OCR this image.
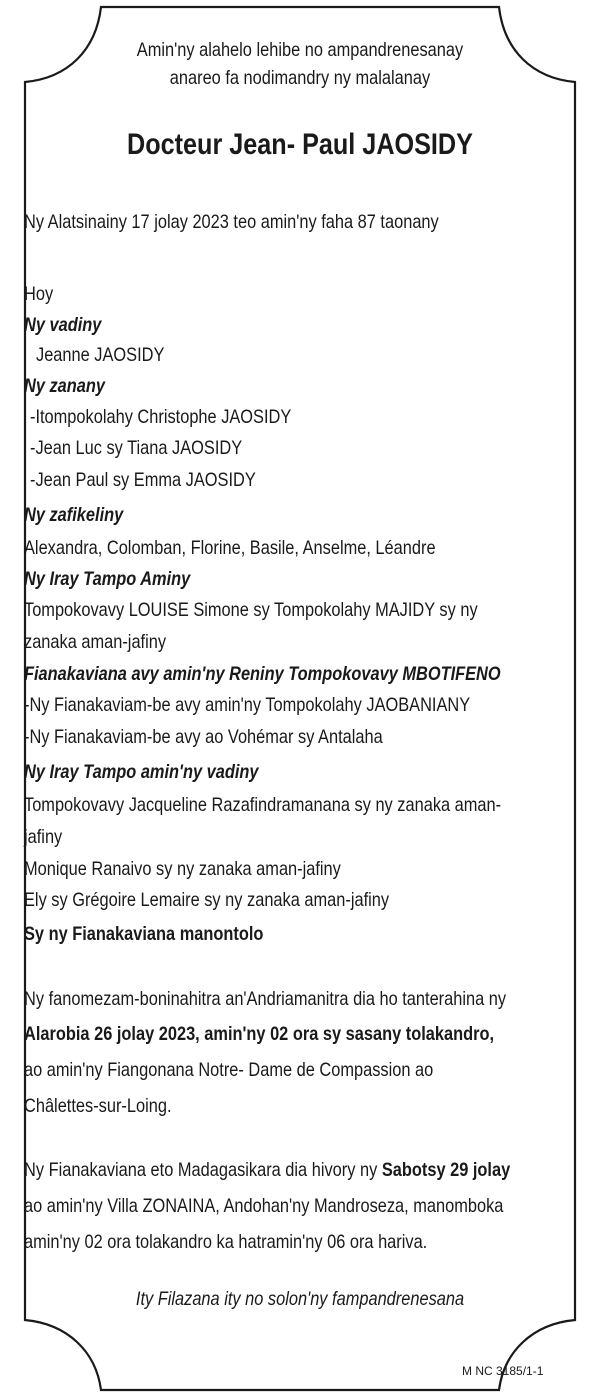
Amin'ny alahelo lehibe no ampandrenesanay
anareo fa nodimandry ny malalanay
Docteur Jean- Paul JAOSIDY
Ny Alatsinainy 17 jolay 2023 teo amin'ny faha 87 taonany
Hoy
Ny vadiny
Jeanne JAOSIDY
Ny zanany
-Itompokolahy Christophe JAOSIDY
-Jean Luc sy Tiana JAOSIDY
-Jean Paul sy Emma JAOSIDY
Ny zafikeliny
Alexandra, Colomban, Florine, Basile, Anselme, Léandre
Ny Iray Tampo Aminy
Tompokovavy LOUISE Simone sy Tompokolahy MAJIDY sy ny
zanaka aman-jafiny
Fianakaviana avy amin'ny Reniny Tompokovavy MBOTIFENO
-Ny Fianakaviam-be avy amin'ny Tompokolahy JAOBANIANY
-Ny Fianakaviam-be avy ao Vohémar sy Antalaha
Ny Iray Tampo amin'ny vadiny
Tompokovavy Jacqueline Razafindramanana sy ny zanaka aman-
jafiny
Monique Ranaivo sy ny zanaka aman-jafiny
Ely sy Grégoire Lemaire sy ny zanaka aman-jafiny
Sy ny Fianakaviana manontolo
Ny fanomezam-boninahitra an'Andriamanitra dia ho tanterahina ny
Alarobia 26 jolay 2023, amin'ny 02 ora sy sasany tolakandro,
ao amin'ny Fiangonana Notre- Dame de Compassion ao
Châlettes-sur-Loing.
Ny Fianakaviana eto Madagasikara dia hivory ny Sabotsy 29 jolay
ao amin'ny Villa ZONAINA, Andohan'ny Mandroseza, manomboka
amin'ny 02 ora tolakandro ka hatramin'ny 06 ora hariva.
Ity Filazana ity no solon'ny fampandrenesana
M NC 3185/1-1
